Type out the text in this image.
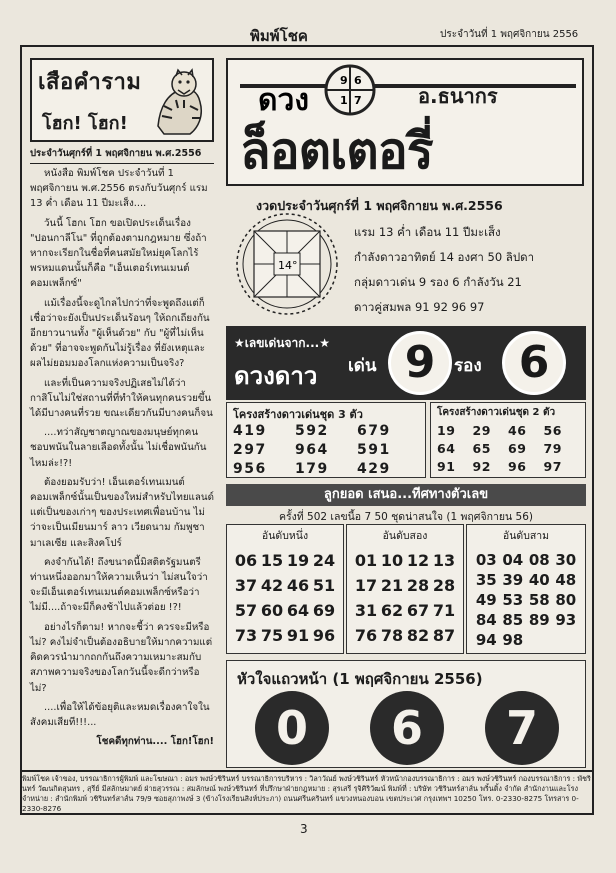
พิมพ์โชค	ประจำวันที่ 1 พฤศจิกายน 2556
เสือคำราม
โฮก! โฮก!
ประจำวันศุกร์ที่ 1 พฤศจิกายน พ.ศ.2556

หนังสือ พิมพ์โชค ประจำวันที่ 1 พฤศจิกายน พ.ศ.2556 ตรงกับวันศุกร์ แรม 13 ค่ำ เดือน 11 ปีมะเส็ง....

วันนี้ โฮกเ โฮก ขอเปิดประเด็นเรื่อง "ปอนกาลีโน" ที่ถูกต้องตามกฎหมาย ซึ่งถ้าหากจะเรียกในชื่อที่คนสมัยใหม่ยุคโลกไร้พรหมแดนนั้นก็คือ "เอ็นเตอร์เทนเมนต์คอมเพล็กซ์"

แม้เรื่องนี้จะดูไกลไปกว่าที่จะพูดถึงแต่ก็เชื่อว่าจะยังเป็นประเด็นร้อนๆ ให้ถกเถียงกันอีกยาวนานทั้ง "ผู้เห็นด้วย" กับ "ผู้ที่ไม่เห็นด้วย" ที่อาจจะพูดกันไม่รู้เรื่อง ที่ยังเหตุและผลไม่ยอมมองโลกแห่งความเป็นจริง?

และที่เป็นความจริงปฏิเสธไม่ได้ว่ากาสิโนไม่ใช่สถานที่ที่ทำให้คนทุกคนรวยขึ้นได้มีบางคนที่รวย ขณะเดียวกันมีบางคนก็จน

....ทว่าสัญชาตญาณของมนุษย์ทุกคนชอบพนันในลายเลือดทั้งนั้น ไม่เชื่อพนันกันไหมล่ะ!?!

ต้องยอมรับว่า! เอ็นเตอร์เทนเมนต์คอมเพล็กซ์นั้นเป็นของใหม่สำหรับไทยแลนด์แต่เป็นของเก่าๆ ของประเทศเพื่อนบ้าน ไม่ว่าจะเป็นเมียนมาร์ ลาว เวียดนาม กัมพูชา มาเลเซีย และสิงคโปร์

คงจำกันได้! ถึงขนาดนี้มิสติตรัฐมนตรีท่านหนึ่งออกมาให้ความเห็นว่า ไม่สนใจว่าจะมีเอ็นเตอร์เทนเมนต์คอมเพล็กซ์หรือว่าไม่มี....ถ้าจะมีก็คงช้าไปแล้วต่อย !?!

อย่างไรก็ตาม! หากจะชี้ว่า ควรจะมีหรือไม่? คงไม่จำเป็นต้องอธิบายให้มากความแต่คิดควรนำมากถกกันถึงความเหมาะสมกับสภาพความจริงของโลกวันนี้จะดีกว่าหรือไม่?

....เพื่อให้ได้ข้อยุติและหมดเรื่องคาใจในสังคมเสียที!!!...

โชคดีทุกท่าน.... โฮก!โฮก!
9 6
1 7
ดวง	อ.ธนากร
ล็อตเตอรี่
งวดประจำวันศุกร์ที่ 1 พฤศจิกายน พ.ศ.2556
14°
แรม 13 ค่ำ เดือน 11 ปีมะเส็ง
กำลังดาวอาทิตย์ 14 องศา 50 ลิปดา
กลุ่มดาวเด่น 9 รอง 6 กำลังวัน 21
ดาวคู่สมพล 91 92 96 97
★เลขเด่นจาก...★
ดวงดาว เด่น 9	รอง 6
โครงสร้างดาวเด่นชุด 3 ตัว
419	592	679
297	964	591
956	179	429
โครงสร้างดาวเด่นชุด 2 ตัว
19	29	46	56
64	65	69	79
91	92	96	97
ลูกยอด เสนอ...ทีศทางตัวเลข
ครั้งที่ 502 เลขนี้อ 7 50 ชุดน่าสนใจ (1 พฤศจิกายน 56)
อันดับหนึ่ง
06 15 19 24
37 42 46 51
57 60 64 69
73 75 91 96
อันดับสอง
01 10 12 13
17 21 28 28
31 62 67 71
76 78 82 87
อันดับสาม
03 04 08 30
35 39 40 48
49 53 58 80
84 85 89 93
94 98
หัวใจแถวหน้า (1 พฤศจิกายน 2556)
0	6	7
พิมพ์โชค เจ้าของ, บรรณาธิการผู้พิมพ์ และโฆษณา : อมร พงษ์วชิรินทร์ บรรณาธิการบริหาร : วิลาวัณย์ พงษ์วชิรินทร์ หัวหน้ากองบรรณาธิการ : อมร พงษ์วชิรินทร์ กองบรรณาธิการ : พัชรินทร์ วัฒนกิตสุนทร , สุรีย์ มีสลักษมาตย์ ฝ่ายสุวรรณ : สมลักษณ์ พงษ์วชิรินทร์ ที่ปรึกษาฝ่ายกฎหมาย : สุรเสรี รุจิศิริวัฒน์ พิมพ์ที่ : บริษัท วชิรินทร์สาส์น พริ้นติ้ง จำกัด สำนักงานและโรงจำหน่าย : สำนักพิมพ์ วชิรินทร์สาส์น 79/9 ซอยสุภาพงษ์ 3 (ข้างโรงเรียนสิงห์ประภา) ถนนศรีนครินทร์ แขวงหนองบอน เขตประเวศ กรุงเทพฯ 10250 โทร. 0-2330-8275 โทรสาร 0-2330-8276
3
